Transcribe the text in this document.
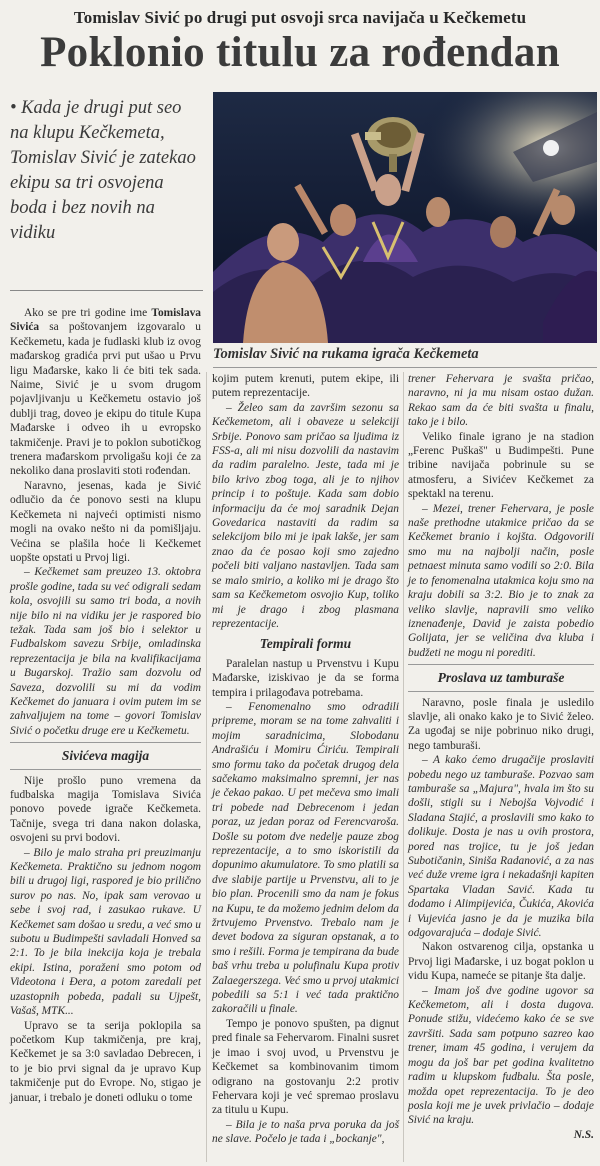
Tomislav Sivić po drugi put osvoji srca navijača u Kečkemetu
Poklonio titulu za rođendan
• Kada je drugi put seo na klupu Kečkemeta, Tomislav Sivić je zatekao ekipu sa tri osvojena boda i bez novih na vidiku
Tomislav Sivić na rukama igrača Kečkemeta

Ako se pre tri godine ime Tomislava Sivića sa poštovanjem izgovaralo u Kečkemetu, kada je fudlaski klub iz ovog mađarskog gradića prvi put ušao u Prvu ligu Mađarske, kako li će biti tek sada. Naime, Sivić je u svom drugom pojavljivanju u Kečkemetu ostavio još dublji trag, doveo je ekipu do titule Kupa Mađarske i odveo ih u evropsko takmičenje. Pravi je to poklon subotičkog trenera mađarskom prvoligašu koji će za nekoliko dana proslaviti stoti rođendan.

Naravno, jesenas, kada je Sivić odlučio da će ponovo sesti na klupu Kečkemeta ni najveći optimisti nismo mogli na ovako nešto ni da pomišljaju. Većina se plašila hoće li Kečkemet uopšte opstati u Prvoj ligi.

– Kečkemet sam preuzeo 13. oktobra prošle godine, tada su već odigrali sedam kola, osvojili su samo tri boda, a novih nije bilo ni na vidiku jer je raspored bio težak. Tada sam još bio i selektor u Fudbalskom savezu Srbije, omladinska reprezentacija je bila na kvalifikacijama u Bugarskoj. Tražio sam dozvolu od Saveza, dozvolili su mi da vodim Kečkemet do januara i ovim putem im se zahvaljujem na tome – govori Tomislav Sivić o početku druge ere u Kečkemetu.

Sivićeva magija

Nije prošlo puno vremena da fudbalska magija Tomislava Sivića ponovo povede igrače Kečkemeta. Tačnije, svega tri dana nakon dolaska, osvojeni su prvi bodovi.

– Bilo je malo straha pri preuzimanju Kečkemeta. Praktično su jednom nogom bili u drugoj ligi, raspored je bio prilično surov po nas. No, ipak sam verovao u sebe i svoj rad, i zasukao rukave. U Kečkemet sam došao u sredu, a već smo u subotu u Budimpešti savladali Honved sa 2:1. To je bila inekcija koja je trebala ekipi. Istina, poraženi smo potom od Videotona i Đera, a potom zaredali pet uzastopnih pobeda, padali su Ujpešt, Vašaš, MTK...

Upravo se ta serija poklopila sa početkom Kup takmičenja, pre kraj, Kečkemet je sa 3:0 savladao Debrecen, i to je bio prvi signal da je upravo Kup takmičenje put do Evrope. No, stigao je januar, i trebalo je doneti odluku o tome

kojim putem krenuti, putem ekipe, ili putem reprezentacije.

– Želeo sam da završim sezonu sa Kečkemetom, ali i obaveze u selekciji Srbije. Ponovo sam pričao sa ljudima iz FSS-a, ali mi nisu dozvolili da nastavim da radim paralelno. Jeste, tada mi je bilo krivo zbog toga, ali je to njihov princip i to poštuje. Kada sam dobio informaciju da će moj saradnik Dejan Govedarica nastaviti da radim sa selekcijom bilo mi je ipak lakše, jer sam znao da će posao koji smo zajedno počeli biti valjano nastavljen. Tada sam se malo smirio, a koliko mi je drago što sam sa Kečkemetom osvojio Kup, toliko mi je drago i zbog plasmana reprezentacije.

Tempirali formu

Paralelan nastup u Prvenstvu i Kupu Mađarske, iziskivao je da se forma tempira i prilagođava potrebama.

– Fenomenalno smo odradili pripreme, moram se na tome zahvaliti i mojim saradnicima, Slobodanu Andrašiću i Momiru Ćiriću. Tempirali smo formu tako da početak drugog dela sačekamo maksimalno spremni, jer nas je čekao pakao. U pet mečeva smo imali tri pobede nad Debrecenom i jedan poraz, uz jedan poraz od Ferencvaroša. Došle su potom dve nedelje pauze zbog reprezentacije, a to smo iskoristili da dopunimo akumulatore. To smo platili sa dve slabije partije u Prvenstvu, ali to je bio plan. Procenili smo da nam je fokus na Kupu, te da možemo jednim delom da žrtvujemo Prvenstvo. Trebalo nam je devet bodova za siguran opstanak, a to smo i rešili. Forma je tempirana da bude baš vrhu treba u polufinalu Kupa protiv Zalaegerszega. Već smo u prvoj utakmici pobedili sa 5:1 i već tada praktično zakoračili u finale.

Tempo je ponovo spušten, pa dignut pred finale sa Fehervarom. Finalni susret je imao i svoj uvod, u Prvenstvu je Kečkemet sa kombinovanim timom odigrano na gostovanju 2:2 protiv Fehervara koji je već spremao proslavu za titulu u Kupu.

– Bila je to naša prva poruka da još ne slave. Počelo je tada i „bockanje",

trener Fehervara je svašta pričao, naravno, ni ja mu nisam ostao dužan. Rekao sam da će biti svašta u finalu, tako je i bilo.

Veliko finale igrano je na stadion „Ferenc Puškaš" u Budimpešti. Pune tribine navijača pobrinule su se atmosferu, a Sivićev Kečkemet za spektakl na terenu.

– Mezei, trener Fehervara, je posle naše prethodne utakmice pričao da se Kečkemet branio i kojšta. Odgovorili smo mu na najbolji način, posle petnaest minuta samo vodili so 2:0. Bila je to fenomenalna utakmica koju smo na kraju dobili sa 3:2. Bio je to znak za veliko slavlje, napravili smo veliko iznenađenje, David je zaista pobedio Golijata, jer se veličina dva kluba i budžeti ne mogu ni porediti.

Proslava uz tamburaše

Naravno, posle finala je usledilo slavlje, ali onako kako je to Sivić želeo. Za ugođaj se nije pobrinuo niko drugi, nego tamburaši.

– A kako ćemo drugačije proslaviti pobedu nego uz tamburaše. Pozvao sam tamburaše sa „Majura", hvala im što su došli, stigli su i Nebojša Vojvodić i Sladana Stajić, a proslavili smo kako to dolikuje. Dosta je nas u ovih prostora, pored nas trojice, tu je još jedan Subotičanin, Siniša Radanović, a za nas već duže vreme igra i nekadašnji kapiten Spartaka Vladan Savić. Kada tu dodamo i Alimpijevića, Čukića, Akovića i Vujevića jasno je da je muzika bila odgovarajuća – dodaje Sivić.

Nakon ostvarenog cilja, opstanka u Prvoj ligi Mađarske, i uz bogat poklon u vidu Kupa, nameće se pitanje šta dalje.

– Imam još dve godine ugovor sa Kečkemetom, ali i dosta dugova. Ponude stižu, videćemo kako će se sve završiti. Sada sam potpuno sazreo kao trener, imam 45 godina, i verujem da mogu da još bar pet godina kvalitetno radim u klupskom fudbalu. Šta posle, možda opet reprezentacija. To je deo posla koji me je uvek privlačio – dodaje Sivić na kraju.

N.S.
